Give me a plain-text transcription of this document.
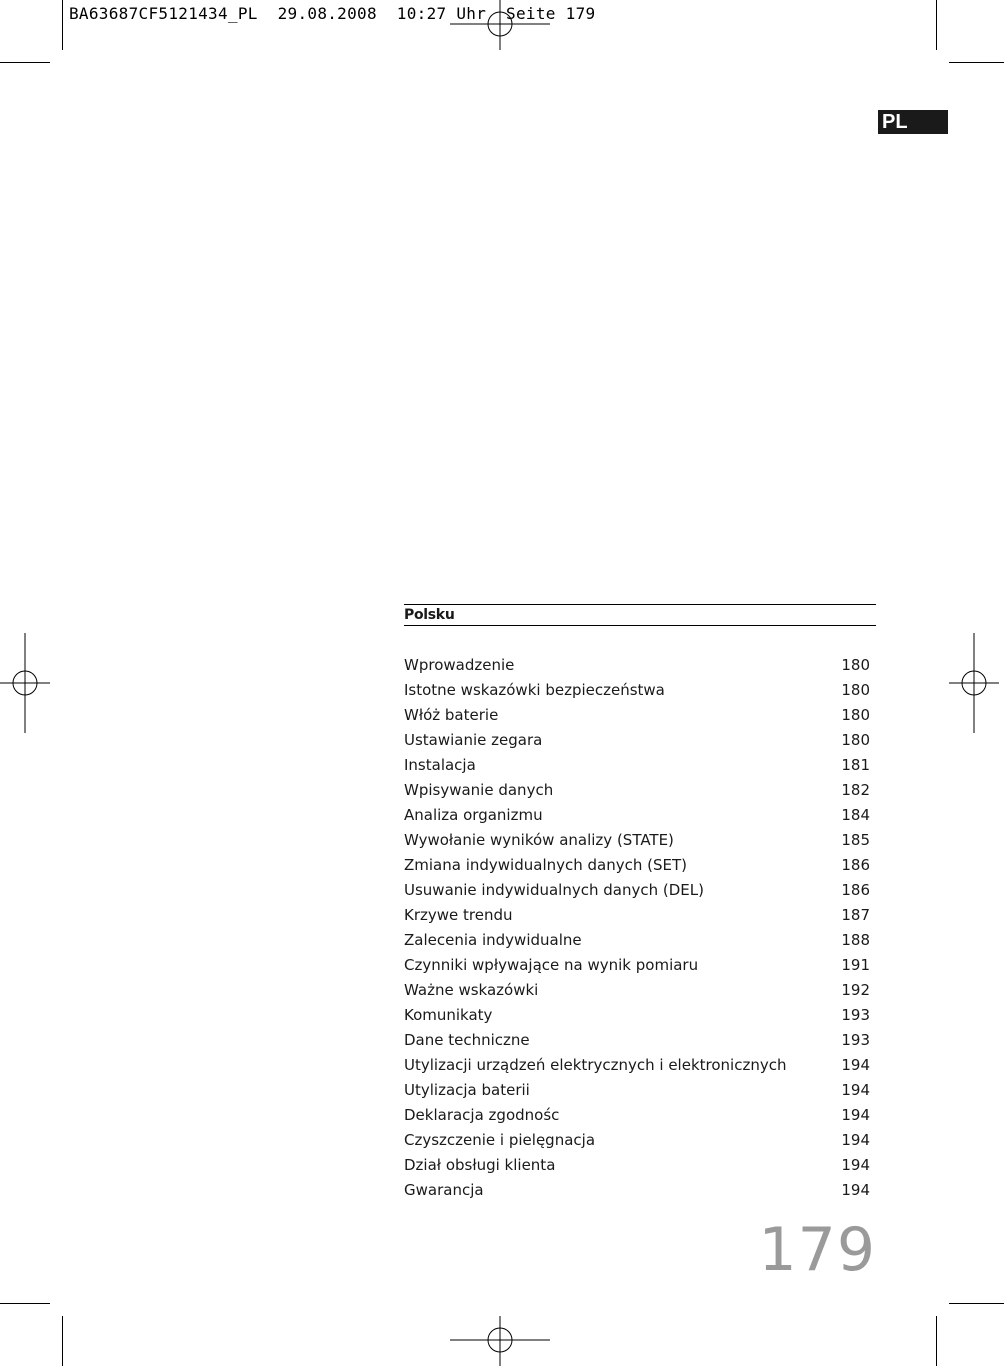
BA63687CF5121434_PL  29.08.2008  10:27 Uhr  Seite 179
PL
Polsku
Wprowadzenie	180
Istotne wskazówki bezpieczeństwa	180
Włóż baterie	180
Ustawianie zegara	180
Instalacja	181
Wpisywanie danych	182
Analiza organizmu	184
Wywołanie wyników analizy (STATE)	185
Zmiana indywidualnych danych (SET)	186
Usuwanie indywidualnych danych (DEL)	186
Krzywe trendu	187
Zalecenia indywidualne	188
Czynniki wpływające na wynik pomiaru	191
Ważne wskazówki	192
Komunikaty	193
Dane techniczne	193
Utylizacji urządzeń elektrycznych i elektronicznych	194
Utylizacja baterii	194
Deklaracja zgodnośc	194
Czyszczenie i pielęgnacja	194
Dział obsługi klienta	194
Gwarancja	194
179
